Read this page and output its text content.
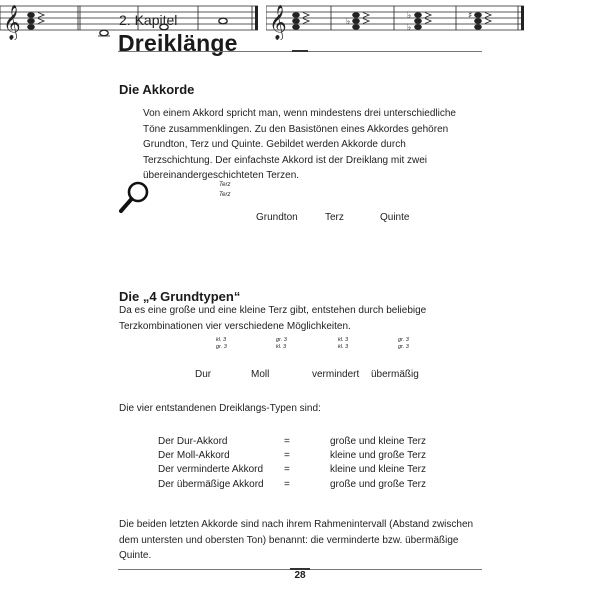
2. Kapitel
Dreiklänge
Die Akkorde
Von einem Akkord spricht man, wenn mindestens drei unterschiedliche Töne zusammenklingen. Zu den Basistönen eines Akkordes gehören Grundton, Terz und Quinte. Gebildet werden Akkorde durch Terzschichtung. Der einfachste Akkord ist der Dreiklang mit zwei übereinandergeschichteten Terzen.
𝄞

Terz
Terz
Grundton	Terz	Quinte
Die „4 Grundtypen“
Da es eine große und eine kleine Terz gibt, entstehen durch beliebige Terzkombinationen vier verschiedene Möglichkeiten.
𝄞	♭
♭
♭
♯
kl. 3
gr. 3
gr. 3
kl. 3
kl. 3
kl. 3
gr. 3
gr. 3
Dur	Moll	vermindert übermäßig
Die vier entstandenen Dreiklangs-Typen sind:
Der Dur-Akkord	=	große und kleine Terz
Der Moll-Akkord	=	kleine und große Terz
Der verminderte Akkord	=	kleine und kleine Terz
Der übermäßige Akkord	=	große und große Terz
Die beiden letzten Akkorde sind nach ihrem Rahmenintervall (Abstand zwischen dem untersten und obersten Ton) benannt: die verminderte bzw. übermäßige Quinte.
28
